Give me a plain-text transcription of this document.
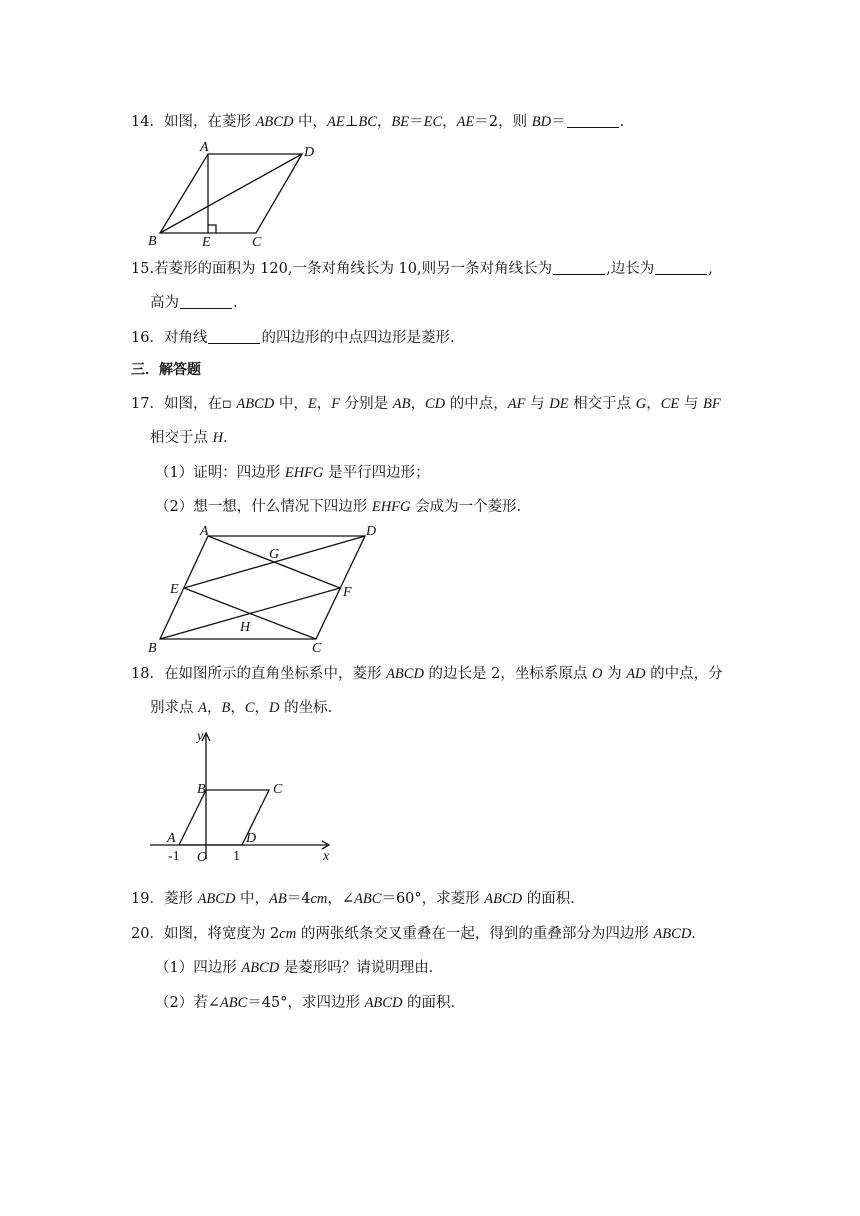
14．如图，在菱形 ABCD 中，AE⊥BC，BE＝EC，AE＝2，则 BD＝	．
A	D
B	E	C
15.若菱形的面积为 120,一条对角线长为 10,则另一条对角线长为	,边长为	,
高为	.
16．对角线	的四边形的中点四边形是菱形.
三．解答题
17．如图，在▫ ABCD 中，E，F 分别是 AB，CD 的中点，AF 与 DE 相交于点 G，CE 与 BF
相交于点 H．
（1）证明：四边形 EHFG 是平行四边形；
（2）想一想，什么情况下四边形 EHFG 会成为一个菱形．
A	D
G
E	F
H
B	C
18．在如图所示的直角坐标系中，菱形 ABCD 的边长是 2，坐标系原点 O 为 AD 的中点，分
别求点 A，B，C，D 的坐标．
y
x
B	C
A	D
O
-1	1
19．菱形 ABCD 中，AB＝4cm，∠ABC＝60°，求菱形 ABCD 的面积．
20．如图，将宽度为 2cm 的两张纸条交叉重叠在一起，得到的重叠部分为四边形 ABCD．
（1）四边形 ABCD 是菱形吗？请说明理由．
（2）若∠ABC＝45°，求四边形 ABCD 的面积．
